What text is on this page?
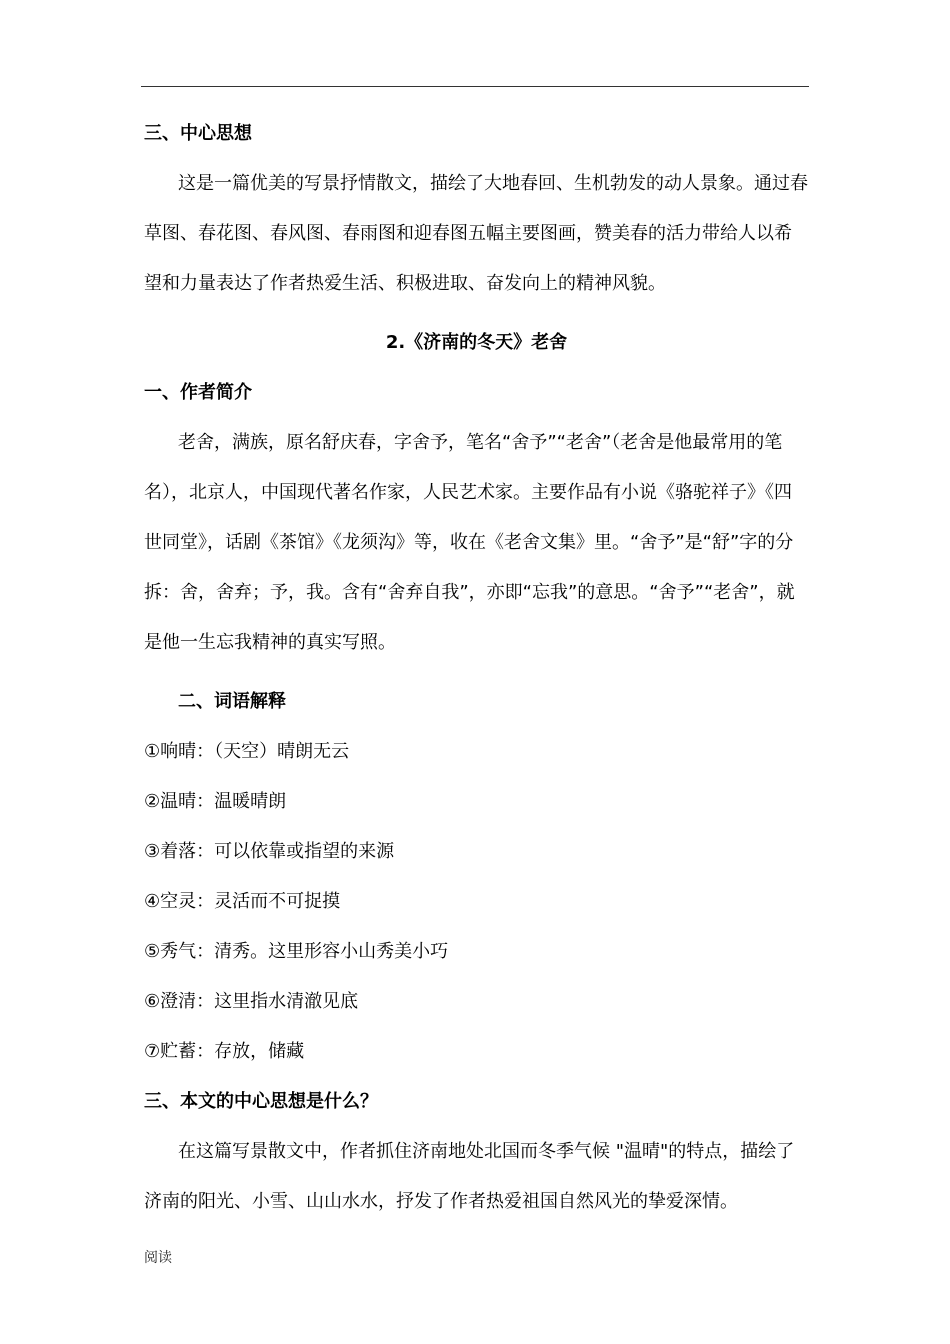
三、中心思想
这是一篇优美的写景抒情散文，描绘了大地春回、生机勃发的动人景象。通过春草图、春花图、春风图、春雨图和迎春图五幅主要图画，赞美春的活力带给人以希望和力量表达了作者热爱生活、积极进取、奋发向上的精神风貌。
2.《济南的冬天》老舍
一、作者简介
老舍，满族，原名舒庆春，字舍予，笔名“舍予”“老舍”（老舍是他最常用的笔名），北京人，中国现代著名作家，人民艺术家。主要作品有小说《骆驼祥子》《四世同堂》，话剧《茶馆》《龙须沟》等，收在《老舍文集》里。“舍予”是“舒”字的分拆：舍，舍弃；予，我。含有“舍弃自我”，亦即“忘我”的意思。“舍予”“老舍”，就是他一生忘我精神的真实写照。
二、词语解释
①响晴：（天空）晴朗无云
②温晴：温暖晴朗
③着落：可以依靠或指望的来源
④空灵：灵活而不可捉摸
⑤秀气：清秀。这里形容小山秀美小巧
⑥澄清：这里指水清澈见底
⑦贮蓄：存放，储藏
三、本文的中心思想是什么？
在这篇写景散文中，作者抓住济南地处北国而冬季气候 "温晴"的特点，描绘了济南的阳光、小雪、山山水水，抒发了作者热爱祖国自然风光的挚爱深情。
阅读
